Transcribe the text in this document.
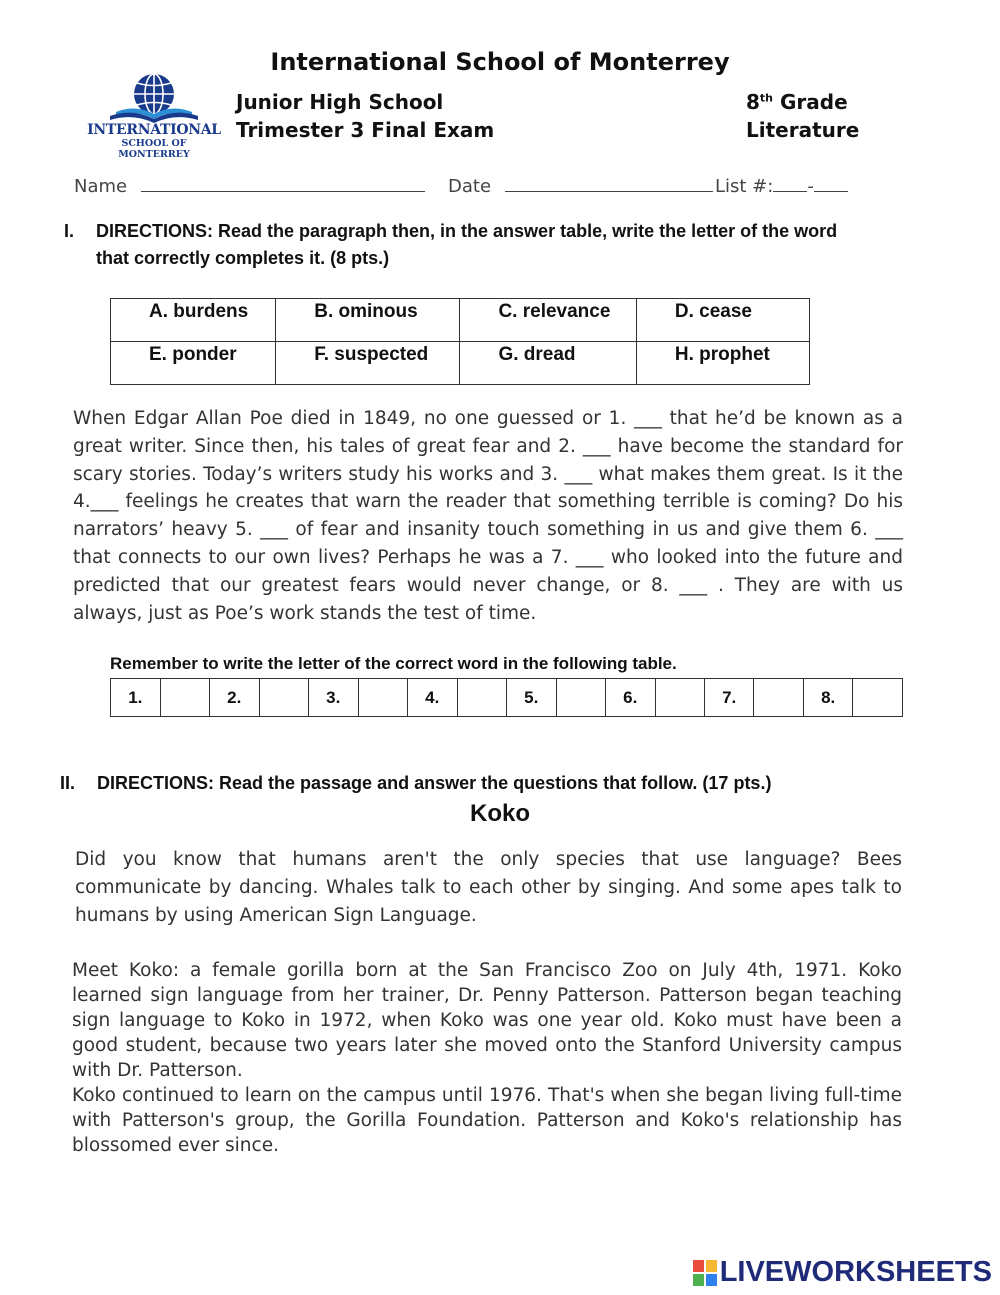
International School of Monterrey
INTERNATIONAL
SCHOOL OF MONTERREY
Junior High School
Trimester 3 Final Exam
8th Grade
Literature
Name	Date	List #: -
I. DIRECTIONS: Read the paragraph then, in the answer table, write the letter of the word
that correctly completes it. (8 pts.)
A. burdens	B. ominous	C. relevance	D. cease
E. ponder	F. suspected	G. dread	H. prophet
When Edgar Allan Poe died in 1849, no one guessed or 1. ___ that he’d be known as a great writer. Since then, his tales of great fear and 2. ___ have become the standard for scary stories. Today’s writers study his works and 3. ___ what makes them great. Is it the 4.___ feelings he creates that warn the reader that something terrible is coming? Do his narrators’ heavy 5. ___ of fear and insanity touch something in us and give them 6. ___ that connects to our own lives? Perhaps he was a 7. ___ who looked into the future and predicted that our greatest fears would never change, or 8. ___ . They are with us always, just as Poe’s work stands the test of time.
Remember to write the letter of the correct word in the following table.
1.		2.		3.		4.		5.		6.		7.		8.	
II. DIRECTIONS: Read the passage and answer the questions that follow. (17 pts.)
Koko
Did you know that humans aren't the only species that use language? Bees communicate by dancing. Whales talk to each other by singing. And some apes talk to humans by using American Sign Language.

Meet Koko: a female gorilla born at the San Francisco Zoo on July 4th, 1971. Koko learned sign language from her trainer, Dr. Penny Patterson. Patterson began teaching sign language to Koko in 1972, when Koko was one year old. Koko must have been a good student, because two years later she moved onto the Stanford University campus with Dr. Patterson.

Koko continued to learn on the campus until 1976. That's when she began living full-time with Patterson's group, the Gorilla Foundation. Patterson and Koko's relationship has blossomed ever since.

LIVEWORKSHEETS
